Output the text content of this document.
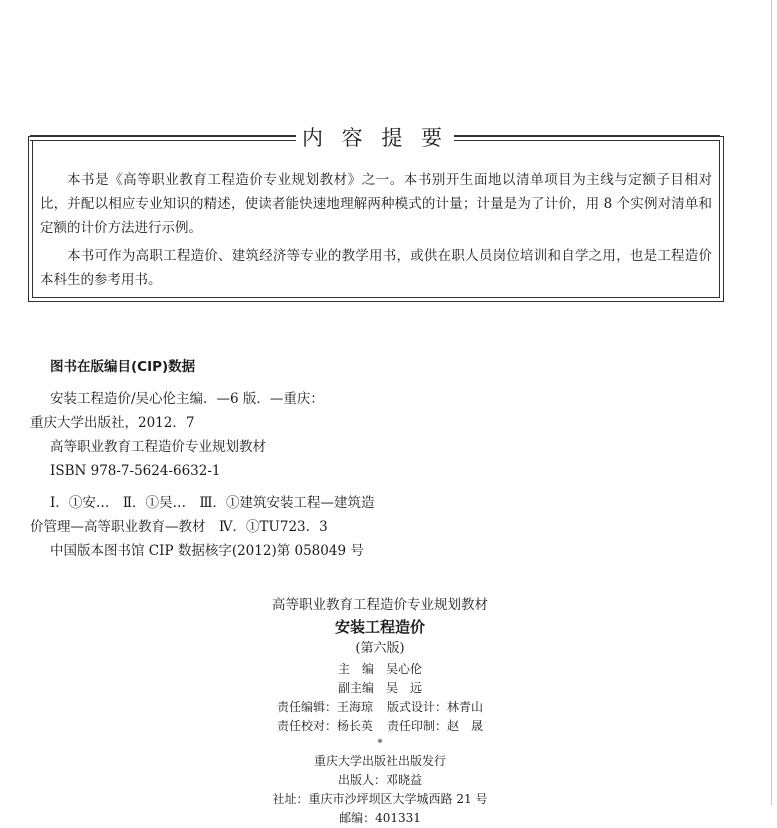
内 容 提 要

本书是《高等职业教育工程造价专业规划教材》之一。本书别开生面地以清单项目为主线与定额子目相对比，并配以相应专业知识的精述，使读者能快速地理解两种模式的计量；计量是为了计价，用 8 个实例对清单和定额的计价方法进行示例。

本书可作为高职工程造价、建筑经济等专业的教学用书，或供在职人员岗位培训和自学之用，也是工程造价本科生的参考用书。

图书在版编目(CIP)数据
安装工程造价/吴心伦主编．—6 版．—重庆：
重庆大学出版社，2012．7
高等职业教育工程造价专业规划教材
ISBN 978-7-5624-6632-1
Ⅰ．①安…　Ⅱ．①吴…　Ⅲ．①建筑安装工程—建筑造
价管理—高等职业教育—教材　Ⅳ．①TU723．3
中国版本图书馆 CIP 数据核字(2012)第 058049 号
高等职业教育工程造价专业规划教材
安装工程造价
(第六版)
主　编　吴心伦
副主编　吴　远
责任编辑：王海琼 版式设计：林青山
责任校对：杨长英 责任印制：赵　晟
*
重庆大学出版社出版发行
出版人：邓晓益
社址：重庆市沙坪坝区大学城西路 21 号
邮编：401331
